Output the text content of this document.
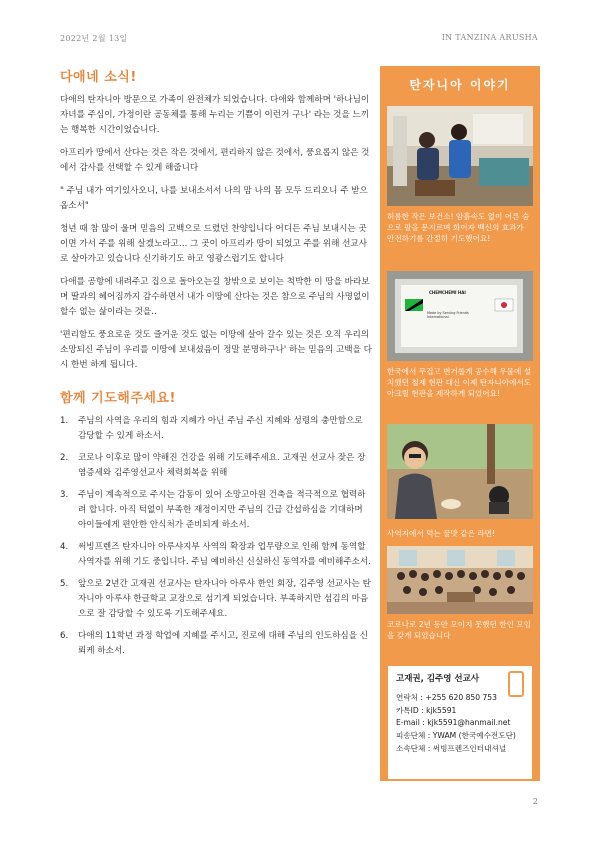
2022년 2월 13일	IN TANZINA ARUSHA
다애네 소식!

다애의 탄자니아 방문으로 가족이 완전체가 되었습니다. 다애와 함께하며 '하나님이 자녀를 주심이, 가정이란 공동체를 통해 누리는 기쁨이 이런거 구나' 라는 것을 느끼는 행복한 시간이었습니다.

아프리카 땅에서 산다는 것은 작은 것에서, 편리하지 않은 것에서, 풍요롭지 않은 것에서 감사를 선택할 수 있게 해줍니다

" 주님 내가 여기있사오니, 나를 보내소서서 나의 맘 나의 몸 모두 드리오니 주 받으옵소서"

청년 때 참 많이 울며 믿음의 고백으로 드렸던 찬양입니다 어디든 주님 보내시는 곳이면 가서 주를 위해 살겠노라고… 그 곳이 아프리카 땅이 되었고 주를 위해 선교사로 살아가고 있습니다 신기하기도 하고 영광스럽기도 합니다

다애를 공항에 내려주고 집으로 돌아오는길 창밖으로 보이는 척박한 이 땅을 바라보며 딸과의 헤어짐까지 감수하면서 내가 이땅에 산다는 것은 참으로 주님의 사명없이 할수 없는 삶이라는 것을..

'편리함도 풍요로운 것도 즐거운 것도 없는 이땅에 살아 갈수 있는 것은 오직 우리의 소망되신 주님이 우리를 이땅에 보내셨음이 정말 분명하구나' 하는 믿음의 고백을 다시 한번 하게 됩니다.

함께 기도해주세요!
1.	주님의 사역을 우리의 힘과 지혜가 아닌 주님 주신 지혜와 성령의 충만함으로 감당할 수 있게 하소서.
2.	코로나 이후로 많이 약해진 건강을 위해 기도해주세요. 고재권 선교사 잦은 장염증세와 김주영선교사 체력회복을 위해
3.	주님이 계속적으로 주시는 감동이 있어 소망고아원 건축을 적극적으로 협력하려 합니다. 아직 턱없이 부족한 재정이지만 주님의 긴급 간섭하심을 기대하며 아이들에게 편안한 안식처가 준비되게 하소서.
4.	써빙프렌즈 탄자니아 아루샤지부 사역의 확장과 업무량으로 인해 함께 동역할 사역자를 위해 기도 중입니다. 주님 예비하신 신실하신 동역자를 예비해주소서.
5.	앞으로 2년간 고재권 선교사는 탄자니아 아루샤 한인 회장, 김주영 선교사는 탄자니아 아루샤 한글학교 교장으로 섬기게 되었습니다. 부족하지만 섬김의 마음으로 잘 감당할 수 있도록 기도해주세요.
6.	다애의 11학년 과정 학업에 지혜를 주시고, 진로에 대해 주님의 인도하심을 신뢰케 하소서.
탄자니아 이야기
허름한 작은 보건소! 암흙속도 없이 어른 숨으로 팔을 문지르며 화이자 백신의 효과가 안전하기를 간절히 기도했어요!
CHEMCHEMI HAI
Made by Serving Friends International
한국에서 무겁고 번거롭게 공수해 우물에 설치했던 철제 현판 대신 이제 탄자니아에서도 아크릴 현판을 제작하게 되었어요!
사역지에서 먹는 꿀맛 같은 라면!
코로나로 2년 동안 모이지 못했던 한인 모임을 갖게 되었습니다
고재권, 김주영 선교사
연락처 : +255 620 850 753
카톡ID : kjk5591
E-mail : kjk5591@hanmail.net
피송단체 : YWAM (한국예수전도단)
소속단체 : 써빙프렌즈인터내셔널
2
